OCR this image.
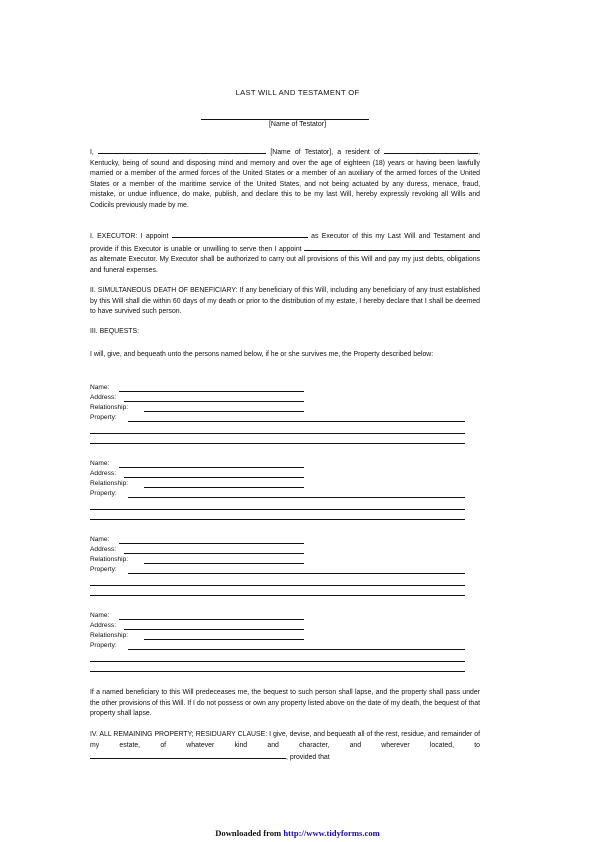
LAST WILL AND TESTAMENT OF
[Name of Testator]

I,	[Name of Testator], a resident of	, Kentucky, being of sound and disposing mind and memory and over the age of eighteen (18) years or having been lawfully married or a member of the armed forces of the United States or a member of an auxiliary of the armed forces of the United States or a member of the maritime service of the United States, and not being actuated by any duress, menace, fraud, mistake, or undue influence, do make, publish, and declare this to be my last Will, hereby expressly revoking all Wills and Codicils previously made by me.

I. EXECUTOR: I appoint	as Executor of this my Last Will and Testament and provide if this Executor is unable or unwilling to serve then I appoint  as alternate Executor. My Executor shall be authorized to carry out all provisions of this Will and pay my just debts, obligations and funeral expenses.

II. SIMULTANEOUS DEATH OF BENEFICIARY: If any beneficiary of this Will, including any beneficiary of any trust established by this Will shall die within 60 days of my death or prior to the distribution of my estate, I hereby declare that I shall be deemed to have survived such person.
III. BEQUESTS:
I will, give, and bequeath unto the persons named below, if he or she survives me, the Property described below:
Name:
Address:
Relationship:
Property:
Name:
Address:
Relationship:
Property:
Name:
Address:
Relationship:
Property:
Name:
Address:
Relationship:
Property:
If a named beneficiary to this Will predeceases me, the bequest to such person shall lapse, and the property shall pass under the other provisions of this Will. If I do not possess or own any property listed above on the date of my death, the bequest of that property shall lapse.

IV. ALL REMAINING PROPERTY; RESIDUARY CLAUSE: I give, devise, and bequeath all of the rest, residue, and remainder of my estate, of whatever kind and character, and wherever located, to , provided that

Downloaded from http://www.tidyforms.com
